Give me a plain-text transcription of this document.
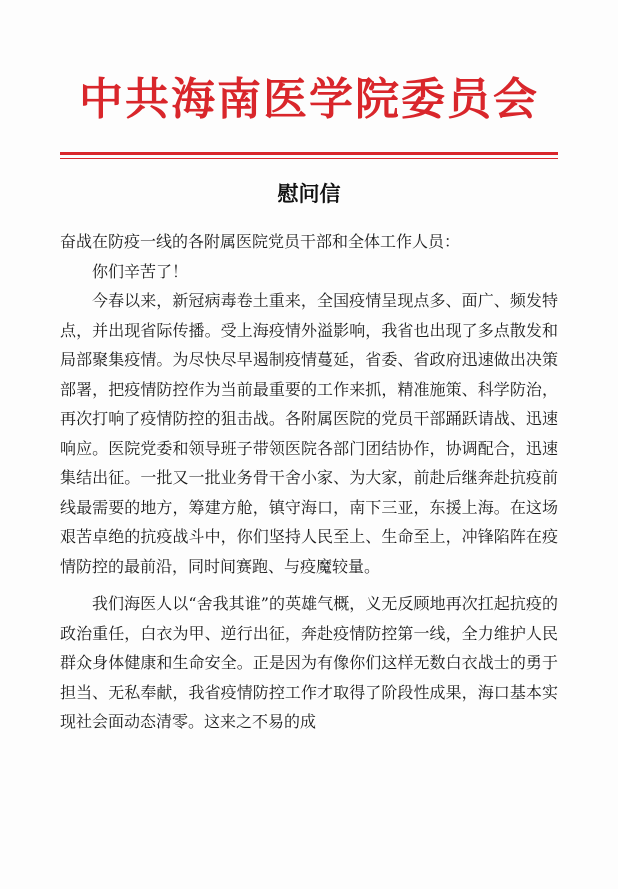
中共海南医学院委员会
慰问信

奋战在防疫一线的各附属医院党员干部和全体工作人员：

你们辛苦了！

今春以来，新冠病毒卷土重来，全国疫情呈现点多、面广、频发特点，并出现省际传播。受上海疫情外溢影响，我省也出现了多点散发和局部聚集疫情。为尽快尽早遏制疫情蔓延，省委、省政府迅速做出决策部署，把疫情防控作为当前最重要的工作来抓，精准施策、科学防治，再次打响了疫情防控的狙击战。各附属医院的党员干部踊跃请战、迅速响应。医院党委和领导班子带领医院各部门团结协作，协调配合，迅速集结出征。一批又一批业务骨干舍小家、为大家，前赴后继奔赴抗疫前线最需要的地方，筹建方舱，镇守海口，南下三亚，东援上海。在这场艰苦卓绝的抗疫战斗中，你们坚持人民至上、生命至上，冲锋陷阵在疫情防控的最前沿，同时间赛跑、与疫魔较量。

我们海医人以“舍我其谁”的英雄气概，义无反顾地再次扛起抗疫的政治重任，白衣为甲、逆行出征，奔赴疫情防控第一线，全力维护人民群众身体健康和生命安全。正是因为有像你们这样无数白衣战士的勇于担当、无私奉献，我省疫情防控工作才取得了阶段性成果，海口基本实现社会面动态清零。这来之不易的成
